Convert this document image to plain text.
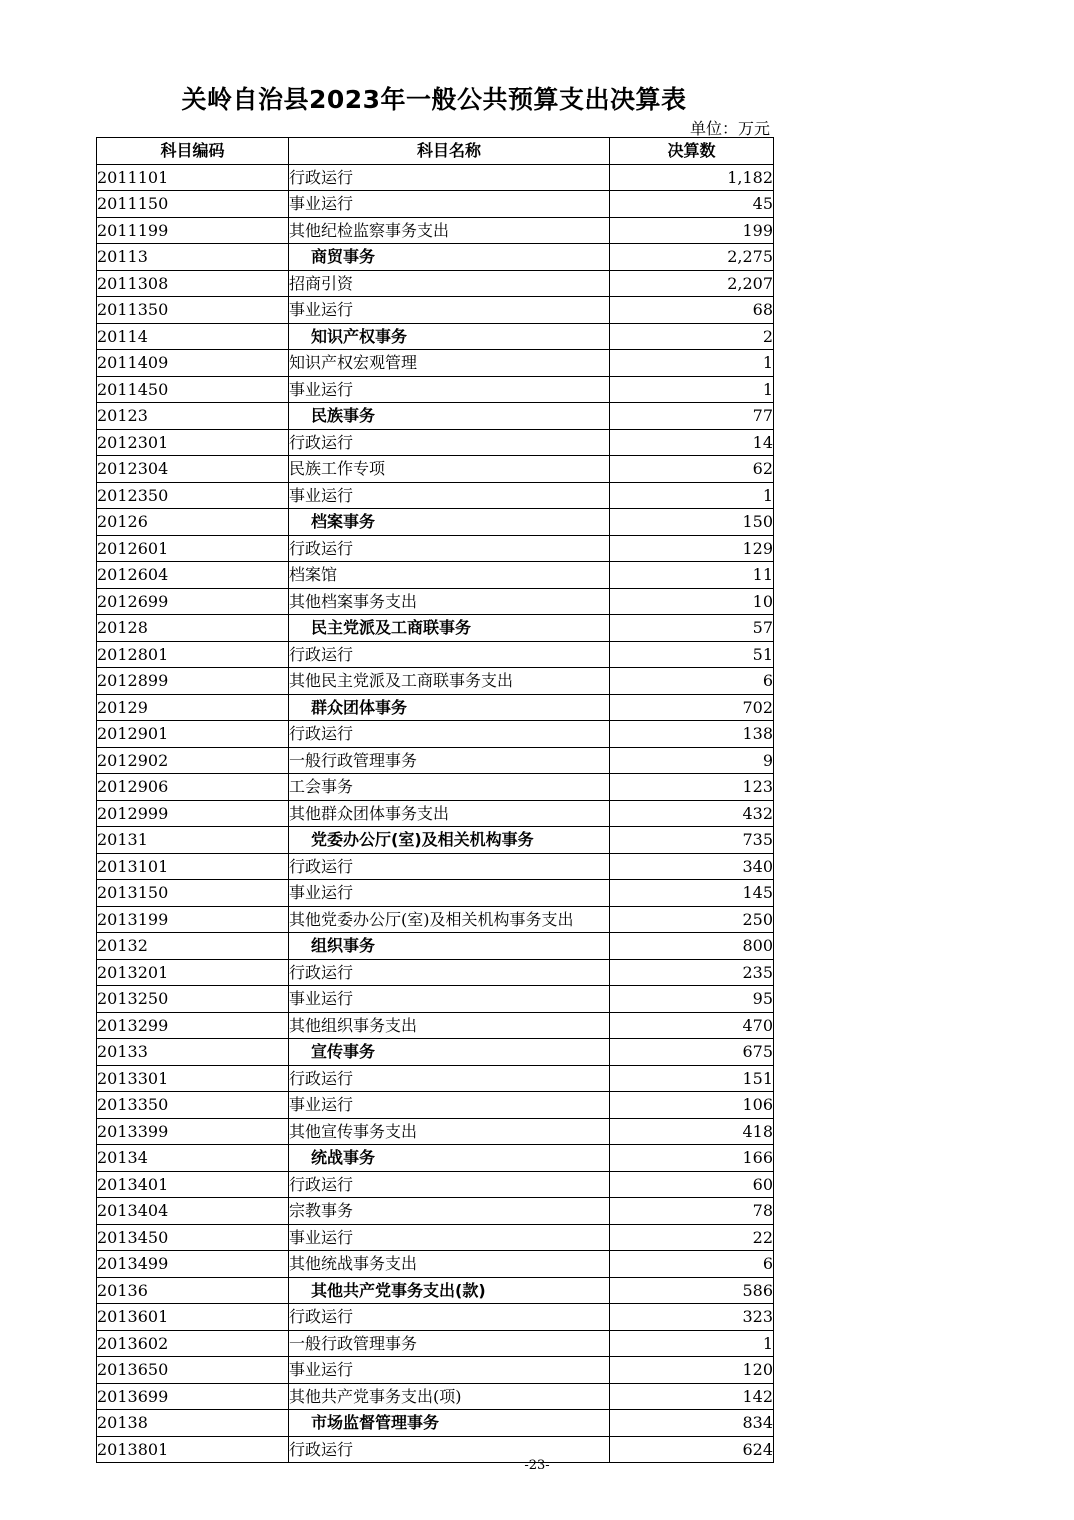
关岭自治县2023年一般公共预算支出决算表
单位：万元
科目编码	科目名称	决算数
2011101	行政运行	1,182
2011150	事业运行	45
2011199	其他纪检监察事务支出	199
20113	商贸事务	2,275
2011308	招商引资	2,207
2011350	事业运行	68
20114	知识产权事务	2
2011409	知识产权宏观管理	1
2011450	事业运行	1
20123	民族事务	77
2012301	行政运行	14
2012304	民族工作专项	62
2012350	事业运行	1
20126	档案事务	150
2012601	行政运行	129
2012604	档案馆	11
2012699	其他档案事务支出	10
20128	民主党派及工商联事务	57
2012801	行政运行	51
2012899	其他民主党派及工商联事务支出	6
20129	群众团体事务	702
2012901	行政运行	138
2012902	一般行政管理事务	9
2012906	工会事务	123
2012999	其他群众团体事务支出	432
20131	党委办公厅(室)及相关机构事务	735
2013101	行政运行	340
2013150	事业运行	145
2013199	其他党委办公厅(室)及相关机构事务支出	250
20132	组织事务	800
2013201	行政运行	235
2013250	事业运行	95
2013299	其他组织事务支出	470
20133	宣传事务	675
2013301	行政运行	151
2013350	事业运行	106
2013399	其他宣传事务支出	418
20134	统战事务	166
2013401	行政运行	60
2013404	宗教事务	78
2013450	事业运行	22
2013499	其他统战事务支出	6
20136	其他共产党事务支出(款)	586
2013601	行政运行	323
2013602	一般行政管理事务	1
2013650	事业运行	120
2013699	其他共产党事务支出(项)	142
20138	市场监督管理事务	834
2013801	行政运行	624
-23-
